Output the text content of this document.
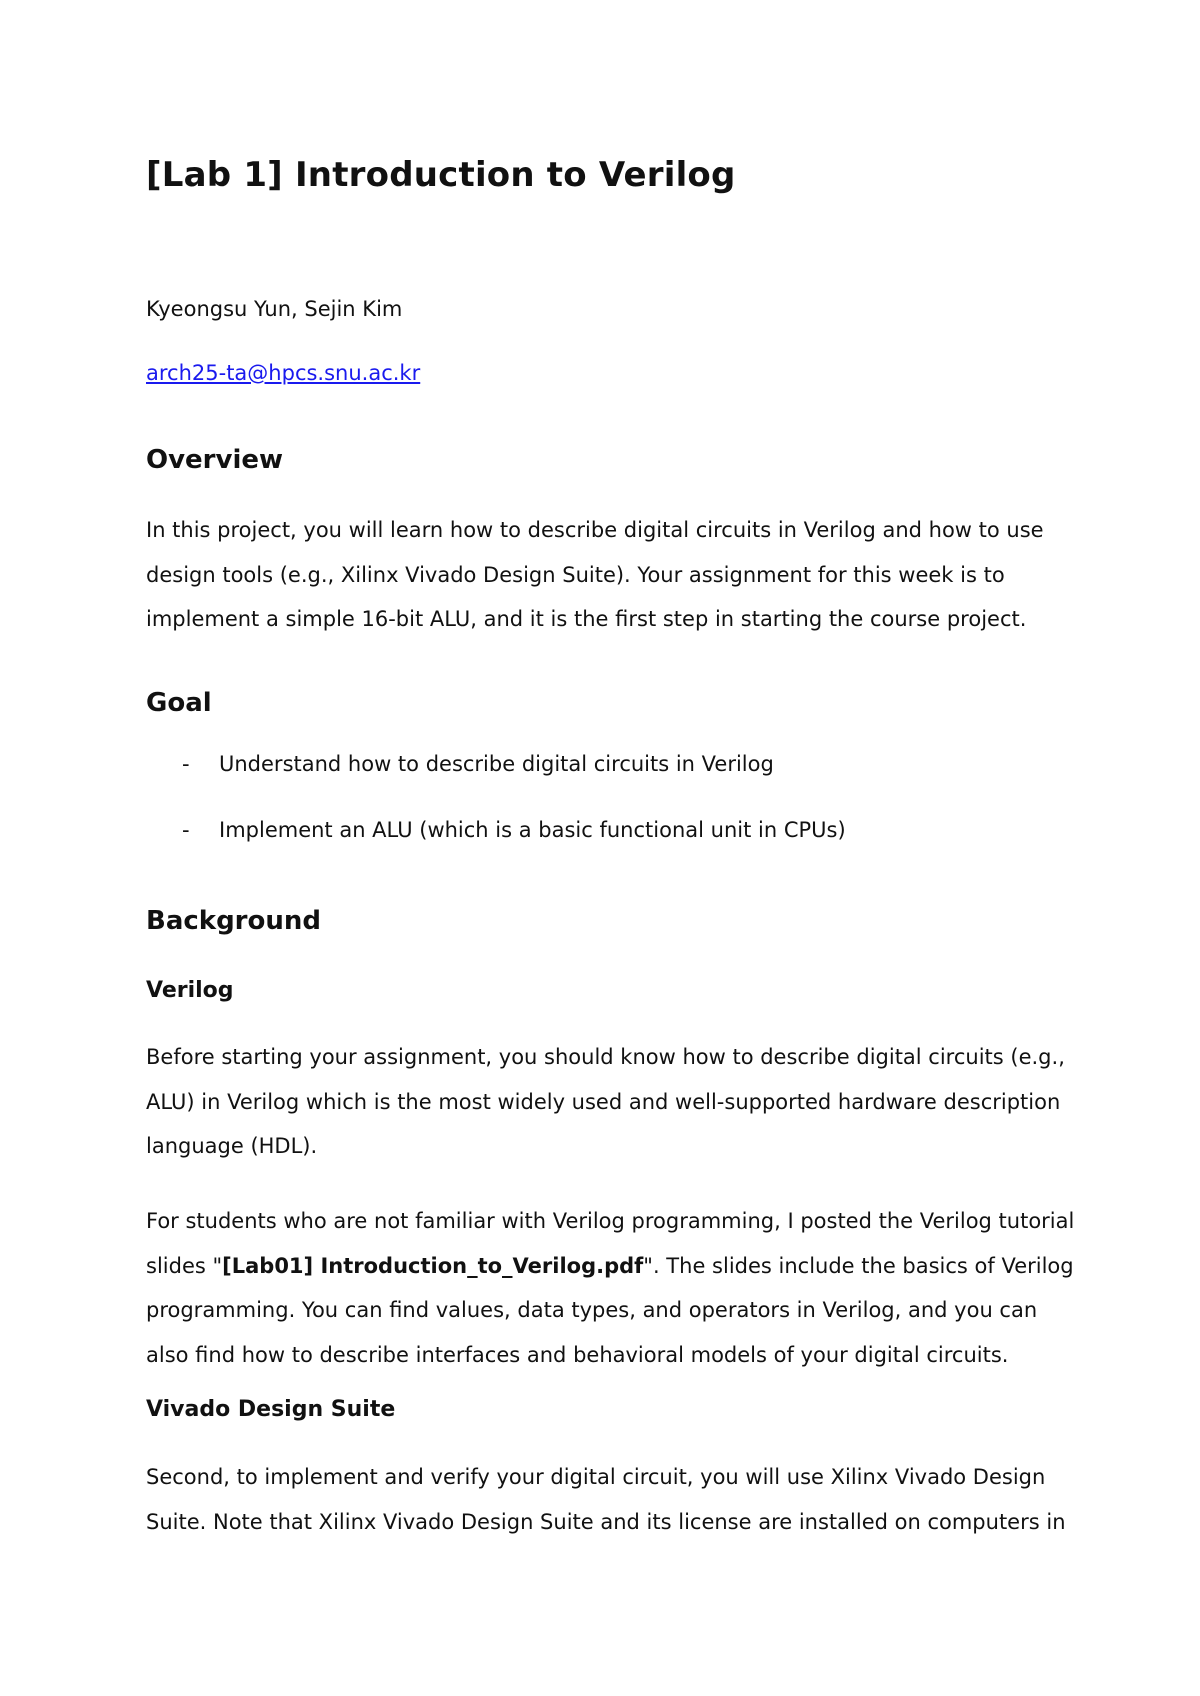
[Lab 1] Introduction to Verilog
Kyeongsu Yun, Sejin Kim
arch25-ta@hpcs.snu.ac.kr
Overview

In this project, you will learn how to describe digital circuits in Verilog and how to use
design tools (e.g., Xilinx Vivado Design Suite). Your assignment for this week is to
implement a simple 16-bit ALU, and it is the first step in starting the course project.

Goal
- Understand how to describe digital circuits in Verilog
- Implement an ALU (which is a basic functional unit in CPUs)
Background
Verilog

Before starting your assignment, you should know how to describe digital circuits (e.g.,
ALU) in Verilog which is the most widely used and well-supported hardware description
language (HDL).

For students who are not familiar with Verilog programming, I posted the Verilog tutorial
slides "[Lab01] Introduction_to_Verilog.pdf". The slides include the basics of Verilog
programming. You can find values, data types, and operators in Verilog, and you can
also find how to describe interfaces and behavioral models of your digital circuits.

Vivado Design Suite

Second, to implement and verify your digital circuit, you will use Xilinx Vivado Design
Suite. Note that Xilinx Vivado Design Suite and its license are installed on computers in
